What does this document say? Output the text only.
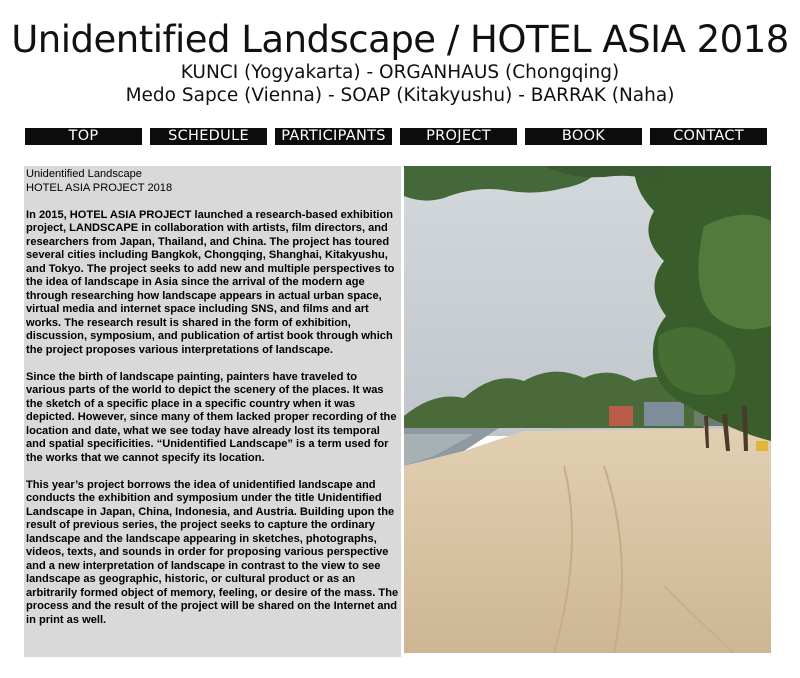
Unidentified Landscape / HOTEL ASIA 2018
KUNCI (Yogyakarta) - ORGANHAUS (Chongqing)
Medo Sapce (Vienna) - SOAP (Kitakyushu) - BARRAK (Naha)
TOP	SCHEDULE	PARTICIPANTS	PROJECT	BOOK	CONTACT
Unidentified Landscape
HOTEL ASIA PROJECT 2018

In 2015, HOTEL ASIA PROJECT launched a research-based exhibition project, LANDSCAPE in collaboration with artists, film directors, and researchers from Japan, Thailand, and China. The project has toured several cities including Bangkok, Chongqing, Shanghai, Kitakyushu, and Tokyo. The project seeks to add new and multiple perspectives to the idea of landscape in Asia since the arrival of the modern age through researching how landscape appears in actual urban space, virtual media and internet space including SNS, and films and art works. The research result is shared in the form of exhibition, discussion, symposium, and publication of artist book through which the project proposes various interpretations of landscape.

Since the birth of landscape painting, painters have traveled to various parts of the world to depict the scenery of the places. It was the sketch of a specific place in a specific country when it was depicted. However, since many of them lacked proper recording of the location and date, what we see today have already lost its temporal and spatial specificities. “Unidentified Landscape” is a term used for the works that we cannot specify its location.

This year’s project borrows the idea of unidentified landscape and conducts the exhibition and symposium under the title Unidentified Landscape in Japan, China, Indonesia, and Austria. Building upon the result of previous series, the project seeks to capture the ordinary landscape and the landscape appearing in sketches, photographs, videos, texts, and sounds in order for proposing various perspective and a new interpretation of landscape in contrast to the view to see landscape as geographic, historic, or cultural product or as an arbitrarily formed object of memory, feeling, or desire of the mass. The process and the result of the project will be shared on the Internet and in print as well.
